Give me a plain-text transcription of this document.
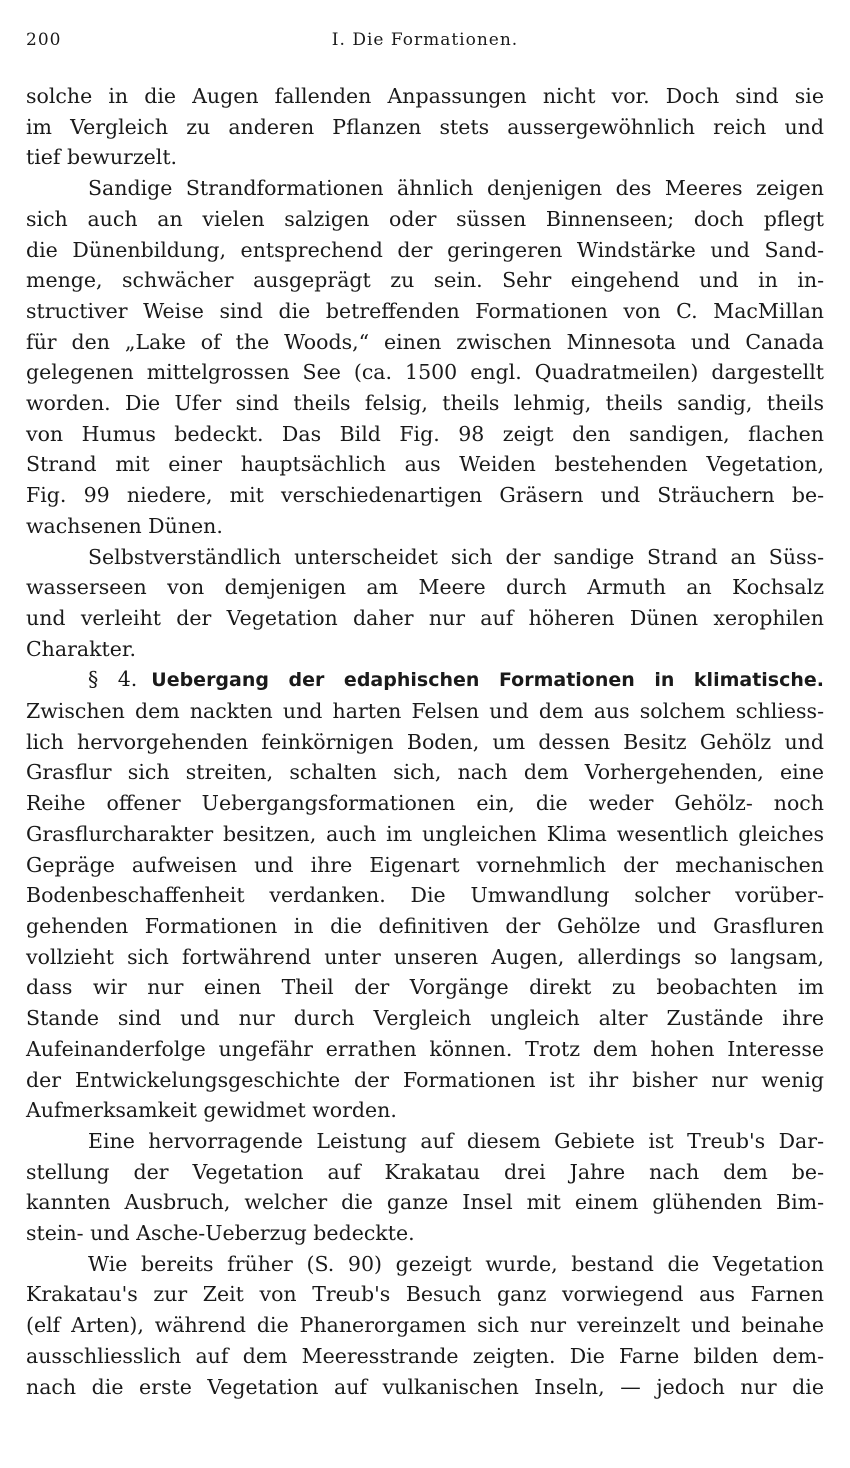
200	I. Die Formationen.

solche in die Augen fallenden Anpassungen nicht vor. Doch sind sie
im Vergleich zu anderen Pflanzen stets aussergewöhnlich reich und
tief bewurzelt.

Sandige Strandformationen ähnlich denjenigen des Meeres zeigen
sich auch an vielen salzigen oder süssen Binnenseen; doch pflegt
die Dünenbildung, entsprechend der geringeren Windstärke und Sand-
menge, schwächer ausgeprägt zu sein. Sehr eingehend und in in-
structiver Weise sind die betreffenden Formationen von C. MacMillan
für den „Lake of the Woods,“ einen zwischen Minnesota und Canada
gelegenen mittelgrossen See (ca. 1500 engl. Quadratmeilen) dargestellt
worden. Die Ufer sind theils felsig, theils lehmig, theils sandig, theils
von Humus bedeckt. Das Bild Fig. 98 zeigt den sandigen, flachen
Strand mit einer hauptsächlich aus Weiden bestehenden Vegetation,
Fig. 99 niedere, mit verschiedenartigen Gräsern und Sträuchern be-
wachsenen Dünen.

Selbstverständlich unterscheidet sich der sandige Strand an Süss-
wasserseen von demjenigen am Meere durch Armuth an Kochsalz
und verleiht der Vegetation daher nur auf höheren Dünen xerophilen
Charakter.

§ 4. Uebergang der edaphischen Formationen in klimatische.
Zwischen dem nackten und harten Felsen und dem aus solchem schliess-
lich hervorgehenden feinkörnigen Boden, um dessen Besitz Gehölz und
Grasflur sich streiten, schalten sich, nach dem Vorhergehenden, eine
Reihe offener Uebergangsformationen ein, die weder Gehölz- noch
Grasflurcharakter besitzen, auch im ungleichen Klima wesentlich gleiches
Gepräge aufweisen und ihre Eigenart vornehmlich der mechanischen
Bodenbeschaffenheit verdanken. Die Umwandlung solcher vorüber-
gehenden Formationen in die definitiven der Gehölze und Grasfluren
vollzieht sich fortwährend unter unseren Augen, allerdings so langsam,
dass wir nur einen Theil der Vorgänge direkt zu beobachten im
Stande sind und nur durch Vergleich ungleich alter Zustände ihre
Aufeinanderfolge ungefähr errathen können. Trotz dem hohen Interesse
der Entwickelungsgeschichte der Formationen ist ihr bisher nur wenig
Aufmerksamkeit gewidmet worden.

Eine hervorragende Leistung auf diesem Gebiete ist Treub's Dar-
stellung der Vegetation auf Krakatau drei Jahre nach dem be-
kannten Ausbruch, welcher die ganze Insel mit einem glühenden Bim-
stein- und Asche-Ueberzug bedeckte.

Wie bereits früher (S. 90) gezeigt wurde, bestand die Vegetation
Krakatau's zur Zeit von Treub's Besuch ganz vorwiegend aus Farnen
(elf Arten), während die Phanerorgamen sich nur vereinzelt und beinahe
ausschliesslich auf dem Meeresstrande zeigten. Die Farne bilden dem-
nach die erste Vegetation auf vulkanischen Inseln, — jedoch nur die
